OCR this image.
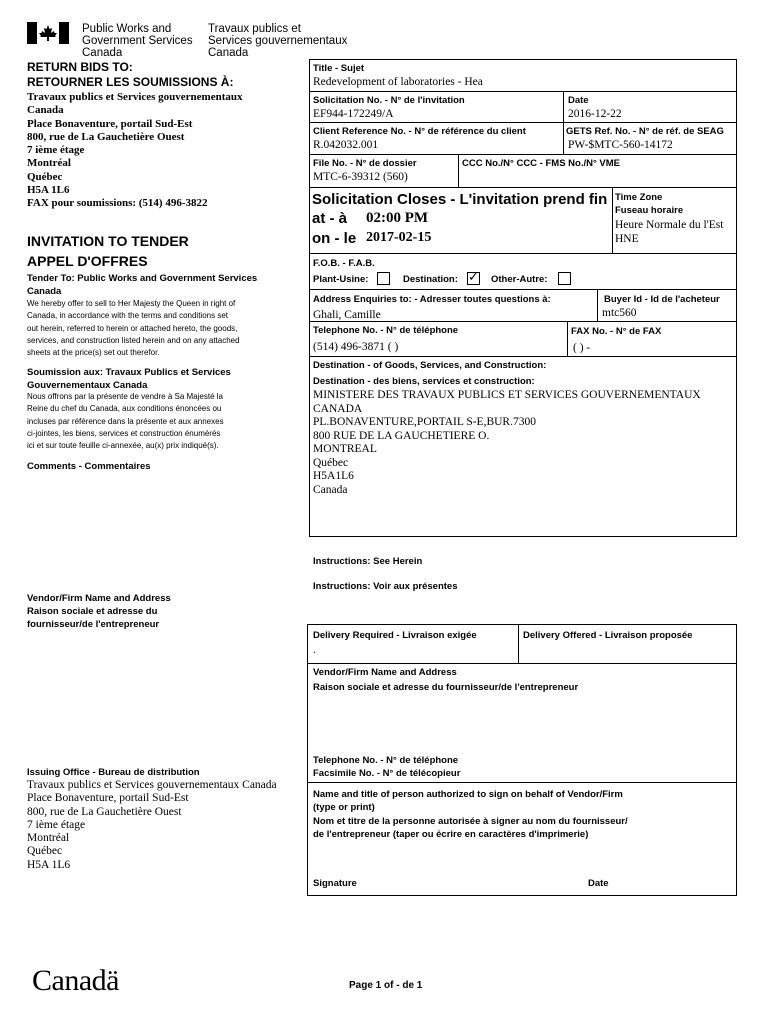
Public Works and
Government Services
Canada
Travaux publics et
Services gouvernementaux
Canada
RETURN BIDS TO:
RETOURNER LES SOUMISSIONS À:
Travaux publics et Services gouvernementaux
Canada
Place Bonaventure, portail Sud-Est
800, rue de La Gauchetière Ouest
7 ième étage
Montréal
Québec
H5A 1L6
FAX pour soumissions: (514) 496-3822
INVITATION TO TENDER
APPEL D'OFFRES
Tender To: Public Works and Government Services
Canada
We hereby offer to sell to Her Majesty the Queen in right of
Canada, in accordance with the terms and conditions set
out herein, referred to herein or attached hereto, the goods,
services, and construction listed herein and on any attached
sheets at the price(s) set out therefor.
Soumission aux: Travaux Publics et Services
Gouvernementaux Canada
Nous offrons par la présente de vendre à Sa Majesté la
Reine du chef du Canada, aux conditions énoncées ou
incluses par référence dans la présente et aux annexes
ci-jointes, les biens, services et construction énumérés
ici et sur toute feuille ci-annexée, au(x) prix indiqué(s).
Comments - Commentaires
Vendor/Firm Name and Address
Raison sociale et adresse du
fournisseur/de l'entrepreneur
Issuing Office - Bureau de distribution
Travaux publics et Services gouvernementaux Canada
Place Bonaventure, portail Sud-Est
800, rue de La Gauchetière Ouest
7 ième étage
Montréal
Québec
H5A 1L6
Title - Sujet
Redevelopment of laboratories - Hea
Solicitation No. - N° de l'invitation
EF944-172249/A
Date
2016-12-22
Client Reference No. - N° de référence du client
R.042032.001
GETS Ref. No. - N° de réf. de SEAG
PW-$MTC-560-14172
File No. - N° de dossier
MTC-6-39312 (560)
CCC No./N° CCC - FMS No./N° VME
Solicitation Closes - L'invitation prend fin
at - à 02:00 PM
on - le 2017-02-15
Time Zone
Fuseau horaire
Heure Normale du l'Est
HNE
F.O.B. - F.A.B.
Plant-Usine:	Destination: ✓ Other-Autre:
Address Enquiries to: - Adresser toutes questions à:
Ghali, Camille
Buyer Id - Id de l'acheteur
mtc560
Telephone No. - N° de téléphone
(514) 496-3871 ( )
FAX No. - N° de FAX
( ) -
Destination - of Goods, Services, and Construction:
Destination - des biens, services et construction:
MINISTERE DES TRAVAUX PUBLICS ET SERVICES GOUVERNEMENTAUX
CANADA
PL.BONAVENTURE,PORTAIL S-E,BUR.7300
800 RUE DE LA GAUCHETIERE O.
MONTREAL
Québec
H5A1L6
Canada
Instructions: See Herein
Instructions: Voir aux présentes
Delivery Required - Livraison exigée
.
Delivery Offered - Livraison proposée
Vendor/Firm Name and Address
Raison sociale et adresse du fournisseur/de l'entrepreneur
Telephone No. - N° de téléphone
Facsimile No. - N° de télécopieur
Name and title of person authorized to sign on behalf of Vendor/Firm
(type or print)
Nom et titre de la personne autorisée à signer au nom du fournisseur/
de l'entrepreneur (taper ou écrire en caractères d'imprimerie)
Signature	Date
Canadä	Page 1 of - de 1
